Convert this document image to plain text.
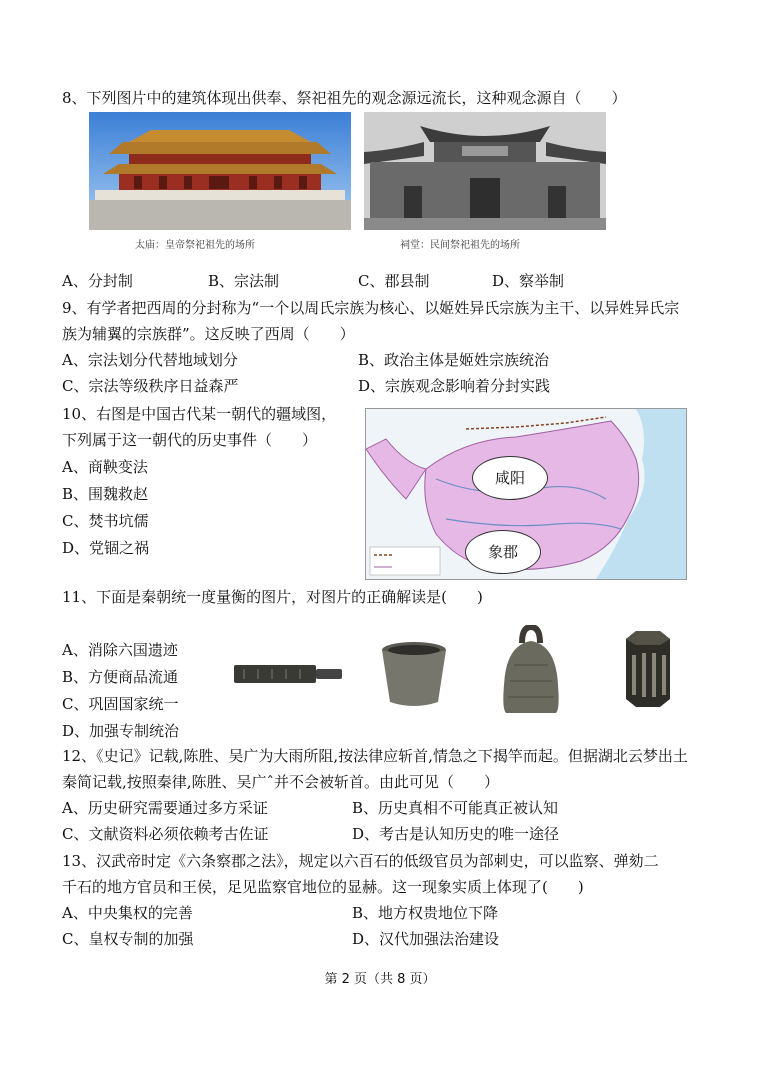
8、下列图片中的建筑体现出供奉、祭祀祖先的观念源远流长，这种观念源自（　　）
太庙：皇帝祭祀祖先的场所	祠堂：民间祭祀祖先的场所
A、分封制	B、宗法制	C、郡县制	D、察举制
9、有学者把西周的分封称为“一个以周氏宗族为核心、以姬姓异氏宗族为主干、以异姓异氏宗
族为辅翼的宗族群”。这反映了西周（　　）
A、宗法划分代替地域划分	B、政治主体是姬姓宗族统治
C、宗法等级秩序日益森严	D、宗族观念影响着分封实践
10、右图是中国古代某一朝代的疆域图，
下列属于这一朝代的历史事件（　　）
A、商鞅变法
B、围魏救赵
C、焚书坑儒
D、党锢之祸
咸阳
象郡
11、下面是秦朝统一度量衡的图片，对图片的正确解读是(　　)
A、消除六国遗迹
B、方便商品流通
C、巩固国家统一
D、加强专制统治
12、《史记》记载,陈胜、吴广为大雨所阻,按法律应斩首,情急之下揭竿而起。但据湖北云梦出土
秦简记载,按照秦律,陈胜、吴广ˆ并不会被斩首。由此可见（　　）
A、历史研究需要通过多方采证	B、历史真相不可能真正被认知
C、文献资料必须依赖考古佐证	D、考古是认知历史的唯一途径
13、汉武帝时定《六条察郡之法》，规定以六百石的低级官员为部刺史，可以监察、弹劾二
千石的地方官员和王侯，足见监察官地位的显赫。这一现象实质上体现了(　　)
A、中央集权的完善	B、地方权贵地位下降
C、皇权专制的加强	D、汉代加强法治建设
第 2 页（共 8 页）
